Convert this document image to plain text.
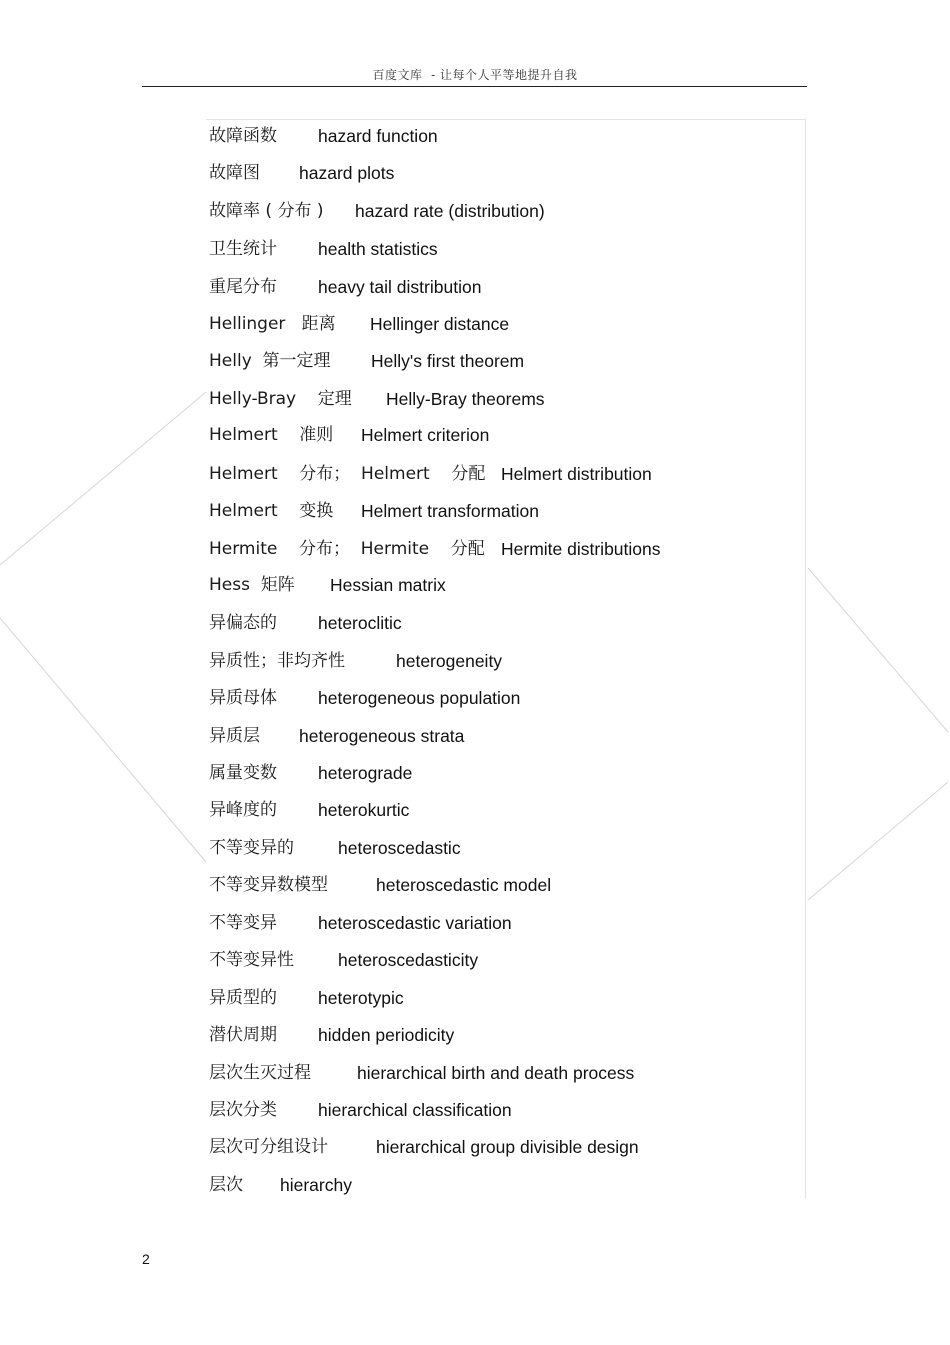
百度文库  - 让每个人平等地提升自我
故障函数 hazard function
故障图 hazard plots
故障率 ( 分布 ) hazard rate (distribution)
卫生统计 health statistics
重尾分布 heavy tail distribution
Hellinger   距离 Hellinger distance
Helly  第一定理 Helly's first theorem
Helly-Bray    定理 Helly-Bray theorems
Helmert    准则 Helmert criterion
Helmert    分布；  Helmert    分配 Helmert distribution
Helmert    变换 Helmert transformation
Hermite    分布；  Hermite    分配 Hermite distributions
Hess  矩阵 Hessian matrix
异偏态的 heteroclitic
异质性；非均齐性	heterogeneity
异质母体 heterogeneous population
异质层 heterogeneous strata
属量变数 heterograde
异峰度的 heterokurtic
不等变异的	heteroscedastic
不等变异数模型	heteroscedastic model
不等变异 heteroscedastic variation
不等变异性	heteroscedasticity
异质型的 heterotypic
潜伏周期 hidden periodicity
层次生灭过程	hierarchical birth and death process
层次分类 hierarchical classification
层次可分组设计	hierarchical group divisible design
层次 hierarchy
2
